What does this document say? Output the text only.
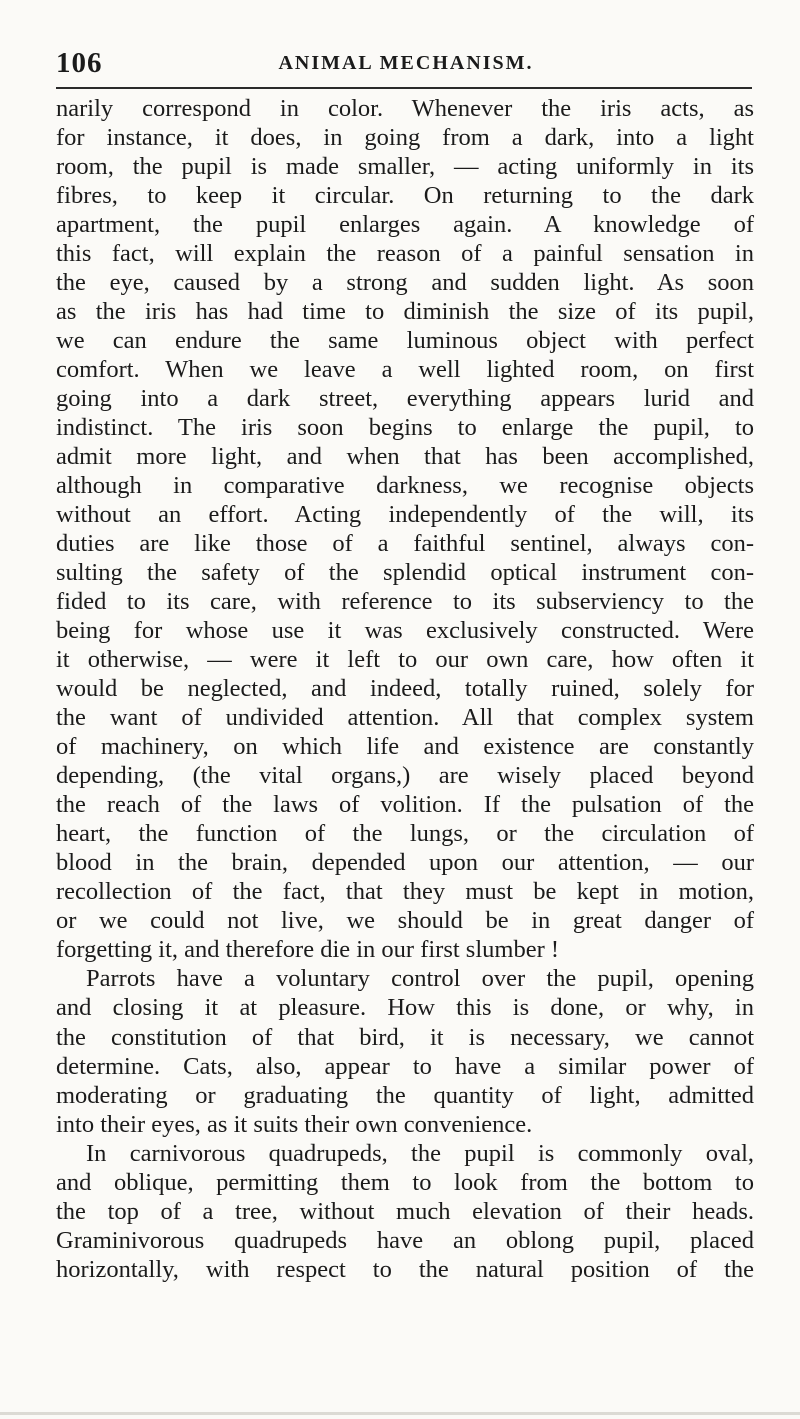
106	ANIMAL MECHANISM.
narily correspond in color. Whenever the iris acts, as
for instance, it does, in going from a dark, into a light
room, the pupil is made smaller, — acting uniformly in its
fibres, to keep it circular. On returning to the dark
apartment, the pupil enlarges again. A knowledge of
this fact, will explain the reason of a painful sensation in
the eye, caused by a strong and sudden light. As soon
as the iris has had time to diminish the size of its pupil,
we can endure the same luminous object with perfect
comfort. When we leave a well lighted room, on first
going into a dark street, everything appears lurid and
indistinct. The iris soon begins to enlarge the pupil, to
admit more light, and when that has been accomplished,
although in comparative darkness, we recognise objects
without an effort. Acting independently of the will, its
duties are like those of a faithful sentinel, always con-
sulting the safety of the splendid optical instrument con-
fided to its care, with reference to its subserviency to the
being for whose use it was exclusively constructed. Were
it otherwise, — were it left to our own care, how often it
would be neglected, and indeed, totally ruined, solely for
the want of undivided attention. All that complex system
of machinery, on which life and existence are constantly
depending, (the vital organs,) are wisely placed beyond
the reach of the laws of volition. If the pulsation of the
heart, the function of the lungs, or the circulation of
blood in the brain, depended upon our attention, — our
recollection of the fact, that they must be kept in motion,
or we could not live, we should be in great danger of
forgetting it, and therefore die in our first slumber !
Parrots have a voluntary control over the pupil, opening
and closing it at pleasure. How this is done, or why, in
the constitution of that bird, it is necessary, we cannot
determine. Cats, also, appear to have a similar power of
moderating or graduating the quantity of light, admitted
into their eyes, as it suits their own convenience.
In carnivorous quadrupeds, the pupil is commonly oval,
and oblique, permitting them to look from the bottom to
the top of a tree, without much elevation of their heads.
Graminivorous quadrupeds have an oblong pupil, placed
horizontally, with respect to the natural position of the
